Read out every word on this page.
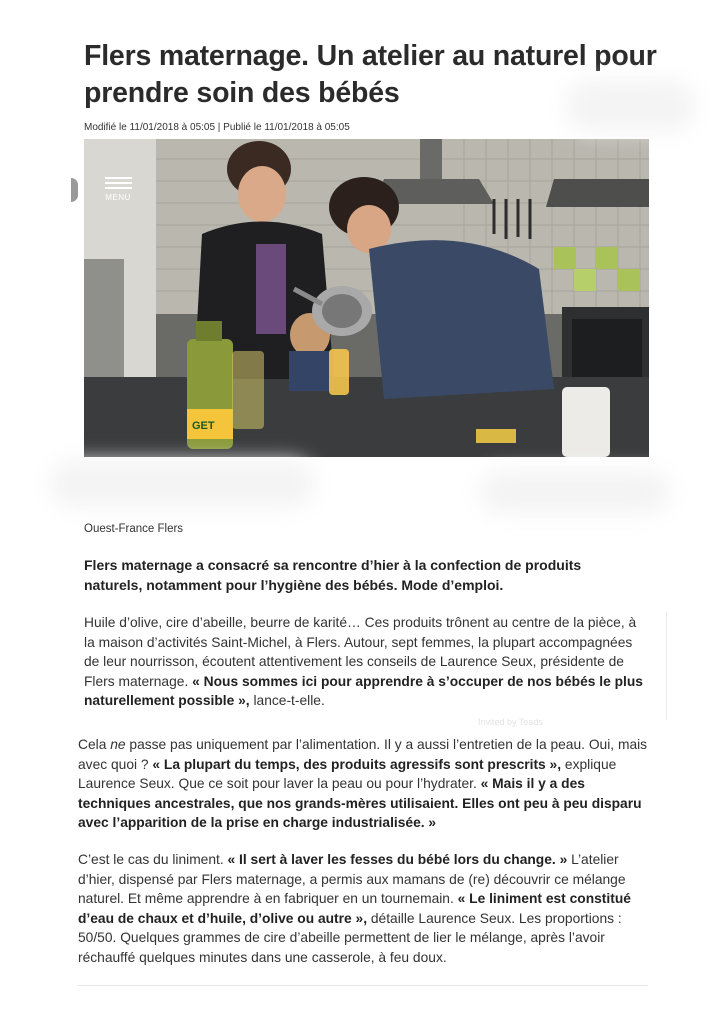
Flers maternage. Un atelier au naturel pour prendre soin des bébés
Modifié le 11/01/2018 à 05:05 | Publié le 11/01/2018 à 05:05
GET
MENU
Ouest-France Flers

Flers maternage a consacré sa rencontre d’hier à la confection de produits naturels, notamment pour l’hygiène des bébés. Mode d’emploi.

Huile d’olive, cire d’abeille, beurre de karité… Ces produits trônent au centre de la pièce, à la maison d’activités Saint-Michel, à Flers. Autour, sept femmes, la plupart accompagnées de leur nourrisson, écoutent attentivement les conseils de Laurence Seux, présidente de Flers maternage. « Nous sommes ici pour apprendre à s’occuper de nos bébés le plus naturellement possible », lance-t-elle.

Invited by Teads

Cela ne passe pas uniquement par l’alimentation. Il y a aussi l’entretien de la peau. Oui, mais avec quoi ? « La plupart du temps, des produits agressifs sont prescrits », explique Laurence Seux. Que ce soit pour laver la peau ou pour l’hydrater. « Mais il y a des techniques ancestrales, que nos grands-mères utilisaient. Elles ont peu à peu disparu avec l’apparition de la prise en charge industrialisée. »

C’est le cas du liniment. « Il sert à laver les fesses du bébé lors du change. » L’atelier d’hier, dispensé par Flers maternage, a permis aux mamans de (re) découvrir ce mélange naturel. Et même apprendre à en fabriquer en un tournemain. « Le liniment est constitué d’eau de chaux et d’huile, d’olive ou autre », détaille Laurence Seux. Les proportions : 50/50. Quelques grammes de cire d’abeille permettent de lier le mélange, après l’avoir réchauffé quelques minutes dans une casserole, à feu doux.
